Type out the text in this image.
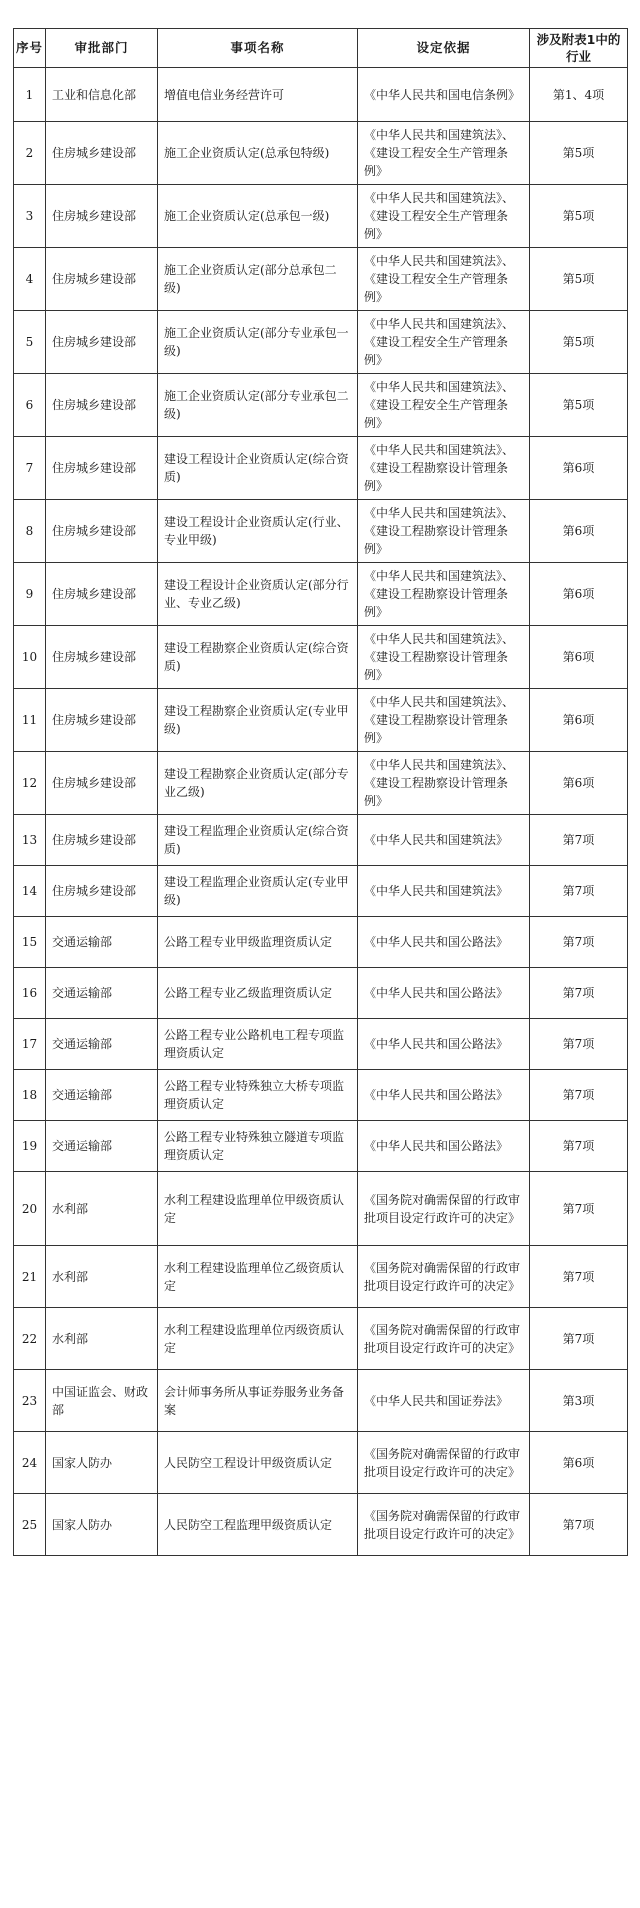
序号	审批部门	事项名称	设定依据	涉及附表1中的行业
1	工业和信息化部	增值电信业务经营许可	《中华人民共和国电信条例》	第1、4项
2	住房城乡建设部	施工企业资质认定(总承包特级)	《中华人民共和国建筑法》、《建设工程安全生产管理条例》	第5项
3	住房城乡建设部	施工企业资质认定(总承包一级)	《中华人民共和国建筑法》、《建设工程安全生产管理条例》	第5项
4	住房城乡建设部	施工企业资质认定(部分总承包二级)	《中华人民共和国建筑法》、《建设工程安全生产管理条例》	第5项
5	住房城乡建设部	施工企业资质认定(部分专业承包一级)	《中华人民共和国建筑法》、《建设工程安全生产管理条例》	第5项
6	住房城乡建设部	施工企业资质认定(部分专业承包二级)	《中华人民共和国建筑法》、《建设工程安全生产管理条例》	第5项
7	住房城乡建设部	建设工程设计企业资质认定(综合资质)	《中华人民共和国建筑法》、《建设工程勘察设计管理条例》	第6项
8	住房城乡建设部	建设工程设计企业资质认定(行业、专业甲级)	《中华人民共和国建筑法》、《建设工程勘察设计管理条例》	第6项
9	住房城乡建设部	建设工程设计企业资质认定(部分行业、专业乙级)	《中华人民共和国建筑法》、《建设工程勘察设计管理条例》	第6项
10	住房城乡建设部	建设工程勘察企业资质认定(综合资质)	《中华人民共和国建筑法》、《建设工程勘察设计管理条例》	第6项
11	住房城乡建设部	建设工程勘察企业资质认定(专业甲级)	《中华人民共和国建筑法》、《建设工程勘察设计管理条例》	第6项
12	住房城乡建设部	建设工程勘察企业资质认定(部分专业乙级)	《中华人民共和国建筑法》、《建设工程勘察设计管理条例》	第6项
13	住房城乡建设部	建设工程监理企业资质认定(综合资质)	《中华人民共和国建筑法》	第7项
14	住房城乡建设部	建设工程监理企业资质认定(专业甲级)	《中华人民共和国建筑法》	第7项
15	交通运输部	公路工程专业甲级监理资质认定	《中华人民共和国公路法》	第7项
16	交通运输部	公路工程专业乙级监理资质认定	《中华人民共和国公路法》	第7项
17	交通运输部	公路工程专业公路机电工程专项监理资质认定	《中华人民共和国公路法》	第7项
18	交通运输部	公路工程专业特殊独立大桥专项监理资质认定	《中华人民共和国公路法》	第7项
19	交通运输部	公路工程专业特殊独立隧道专项监理资质认定	《中华人民共和国公路法》	第7项
20	水利部	水利工程建设监理单位甲级资质认定	《国务院对确需保留的行政审批项目设定行政许可的决定》	第7项
21	水利部	水利工程建设监理单位乙级资质认定	《国务院对确需保留的行政审批项目设定行政许可的决定》	第7项
22	水利部	水利工程建设监理单位丙级资质认定	《国务院对确需保留的行政审批项目设定行政许可的决定》	第7项
23	中国证监会、财政部	会计师事务所从事证券服务业务备案	《中华人民共和国证券法》	第3项
24	国家人防办	人民防空工程设计甲级资质认定	《国务院对确需保留的行政审批项目设定行政许可的决定》	第6项
25	国家人防办	人民防空工程监理甲级资质认定	《国务院对确需保留的行政审批项目设定行政许可的决定》	第7项
